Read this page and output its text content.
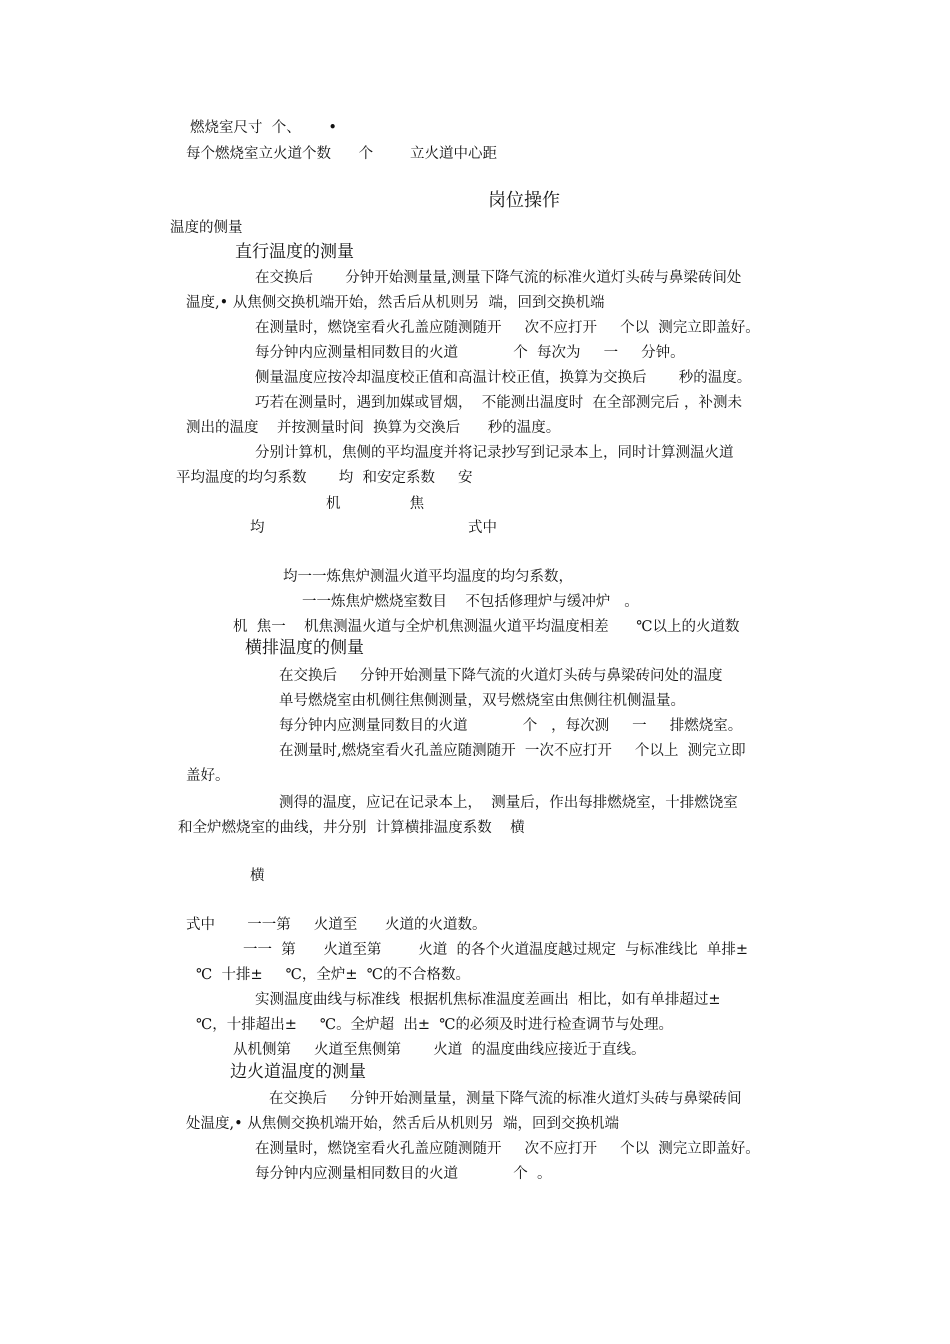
燃烧室尺寸  个、      •
每个燃烧室立火道个数      个        立火道中心距
岗位操作
温度的侧量
直行温度的测量
在交换后       分钟开始测量量,测量下降气流的标准火道灯头砖与鼻梁砖间处
温度,• 从焦侧交换机端开始，然舌后从机则另  端，回到交换机端
在测量时，燃饶室看火孔盖应随测随开     次不应打开     个以  测完立即盖好。
每分钟内应测量相同数目的火道            个  每次为     一     分钟。
侧量温度应按冷却温度校正值和高温计校正值，换算为交换后       秒的温度。
巧若在测量时，遇到加媒或冒烟，  不能测出温度时  在全部测完后 ，补测未
测出的温度    并按测量时间  换算为交渙后      秒的温度。
分别计算机，焦侧的平均温度并将记录抄写到记录本上，同时计算测温火道
平均温度的均匀系数       均  和安定系数     安
机               焦
均	式中
均一一炼焦炉测温火道平均温度的均匀系数，
一一炼焦炉燃烧室数目    不包括修理炉与缓冲炉   。
机  焦一    机焦测温火道与全炉机焦测温火道平均温度相差      ℃以上的火道数
横排温度的侧量
在交换后     分钟开始测量下降气流的火道灯头砖与鼻梁砖问处的温度
单号燃烧室由机侧往焦侧测量，双号燃烧室由焦侧往机侧温量。
每分钟内应测量同数目的火道            个   ，每次测     一     排燃烧室。
在测量时,燃烧室看火孔盖应随测随开  一次不应打开     个以上  测完立即
盖好。
测得的温度，应记在记录本上，  测量后，作出每排燃烧室，十排燃饶室
和全炉燃烧室的曲线，井分别  计算横排温度系数    横
横
式中       一一第     火道至      火道的火道数。
一一  第      火道至第        火道  的各个火道温度越过规定  与标准线比  单排±
℃  十排±     ℃，全炉±  ℃的不合格数。
实测温度曲线与标准线  根据机焦标准温度差画出  相比，如有单排超过±
℃，十排超出±     ℃。全炉超  出±  ℃的必须及时进行检查调节与处理。
从机侧第     火道至焦侧第       火道  的温度曲线应接近于直线。
边火道温度的测量
在交换后     分钟开始测量量，测量下降气流的标准火道灯头砖与鼻梁砖间
处温度,• 从焦侧交换机端开始，然舌后从机则另  端，回到交换机端
在测量时，燃饶室看火孔盖应随测随开     次不应打开     个以  测完立即盖好。
每分钟内应测量相同数目的火道            个  。
